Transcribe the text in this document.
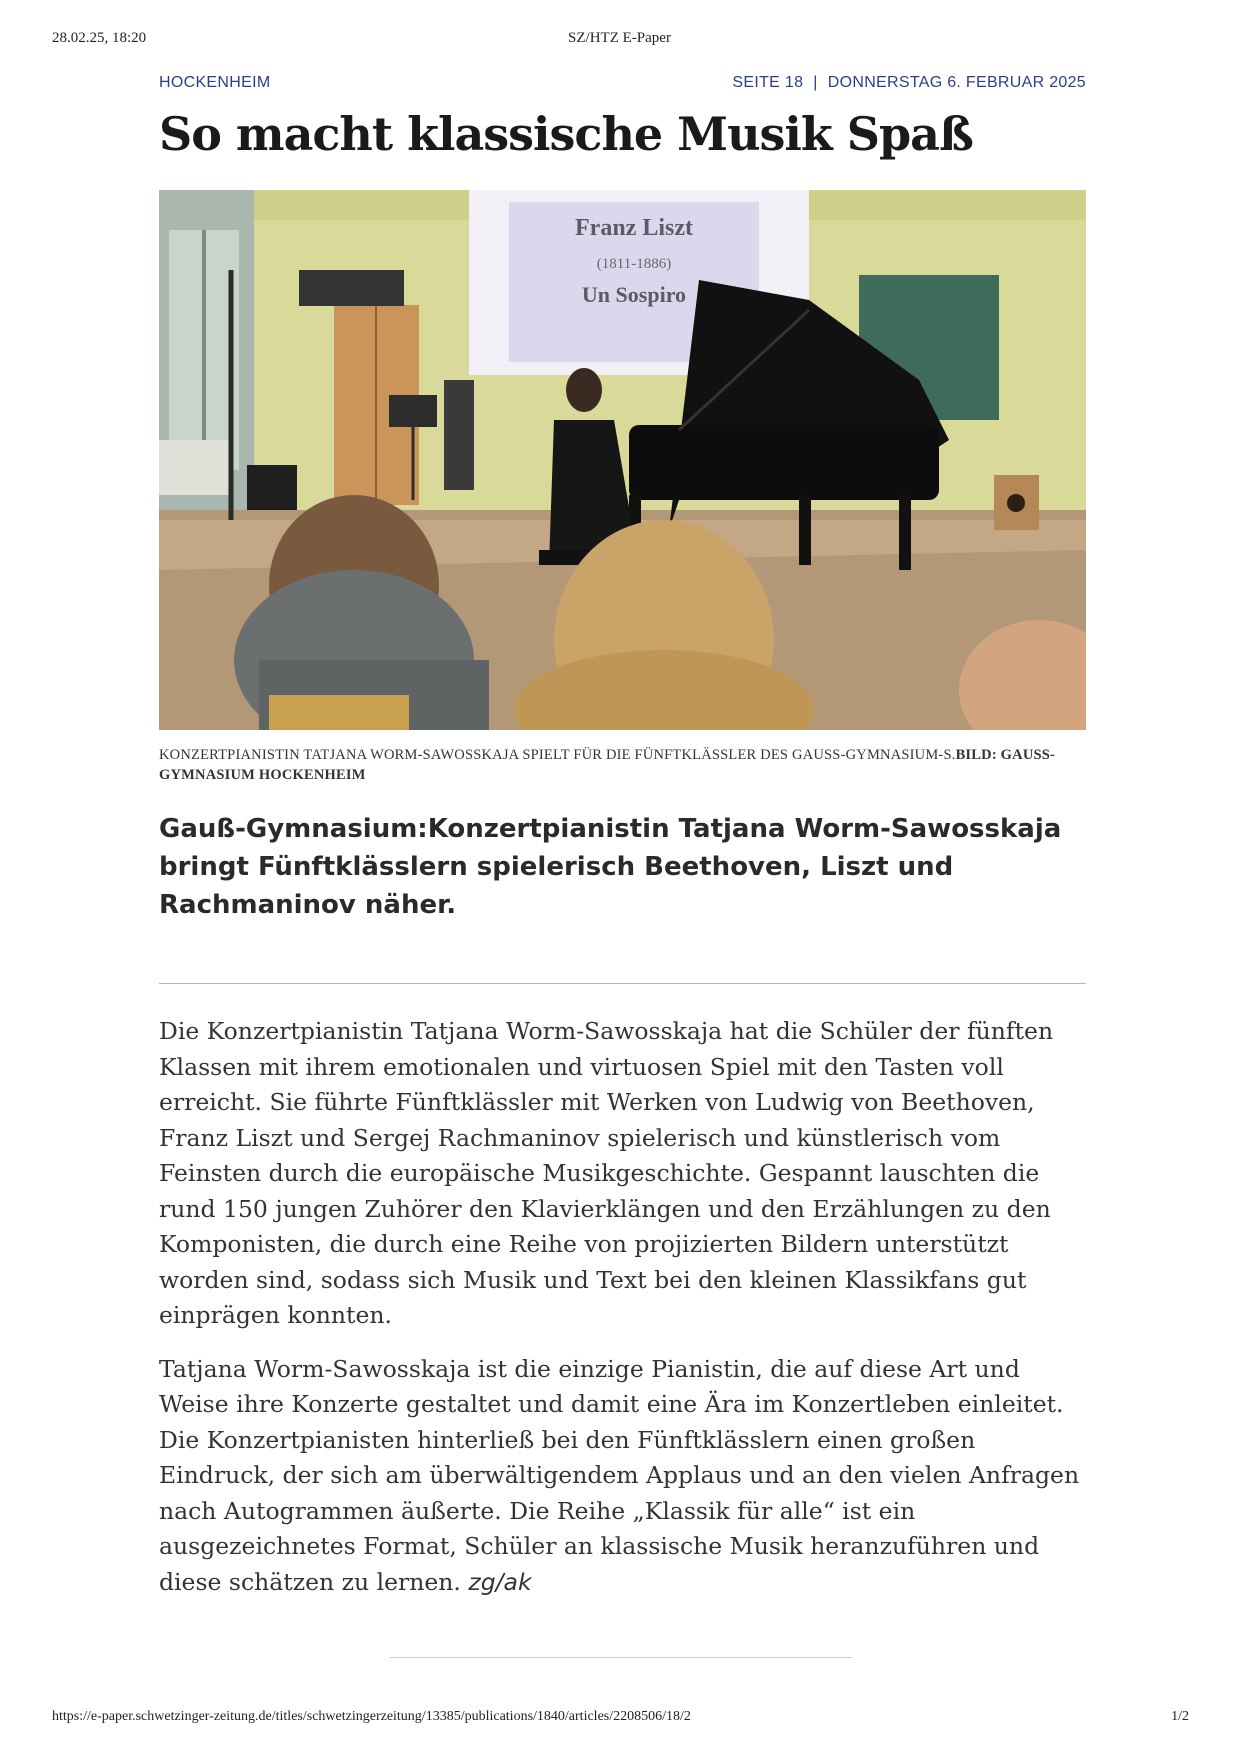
28.02.25, 18:20	SZ/HTZ E-Paper
HOCKENHEIM	SEITE 18 | DONNERSTAG 6. FEBRUAR 2025
So macht klassische Musik Spaß
Franz Liszt
(1811-1886)
Un Sospiro
KONZERTPIANISTIN TATJANA WORM-SAWOSSKAJA SPIELT FÜR DIE FÜNFTKLÄSSLER DES GAUSS-GYMNASIUM-S.BILD: GAUSS-GYMNASIUM HOCKENHEIM
Gauß-Gymnasium:Konzertpianistin Tatjana Worm-Sawosskaja bringt Fünftklässlern spielerisch Beethoven, Liszt und Rachmaninov näher.

Die Konzertpianistin Tatjana Worm-Sawosskaja hat die Schüler der fünften Klassen mit ihrem emotionalen und virtuosen Spiel mit den Tasten voll erreicht. Sie führte Fünftklässler mit Werken von Ludwig von Beethoven, Franz Liszt und Sergej Rachmaninov spielerisch und künstlerisch vom Feinsten durch die europäische Musikgeschichte. Gespannt lauschten die rund 150 jungen Zuhörer den Klavierklängen und den Erzählungen zu den Komponisten, die durch eine Reihe von projizierten Bildern unterstützt worden sind, sodass sich Musik und Text bei den kleinen Klassikfans gut einprägen konnten.

Tatjana Worm-Sawosskaja ist die einzige Pianistin, die auf diese Art und Weise ihre Konzerte gestaltet und damit eine Ära im Konzertleben einleitet. Die Konzertpianisten hinterließ bei den Fünftklässlern einen großen Eindruck, der sich am überwältigendem Applaus und an den vielen Anfragen nach Autogrammen äußerte. Die Reihe „Klassik für alle“ ist ein ausgezeichnetes Format, Schüler an klassische Musik heranzuführen und diese schätzen zu lernen. zg/ak

https://e-paper.schwetzinger-zeitung.de/titles/schwetzingerzeitung/13385/publications/1840/articles/2208506/18/2	1/2
